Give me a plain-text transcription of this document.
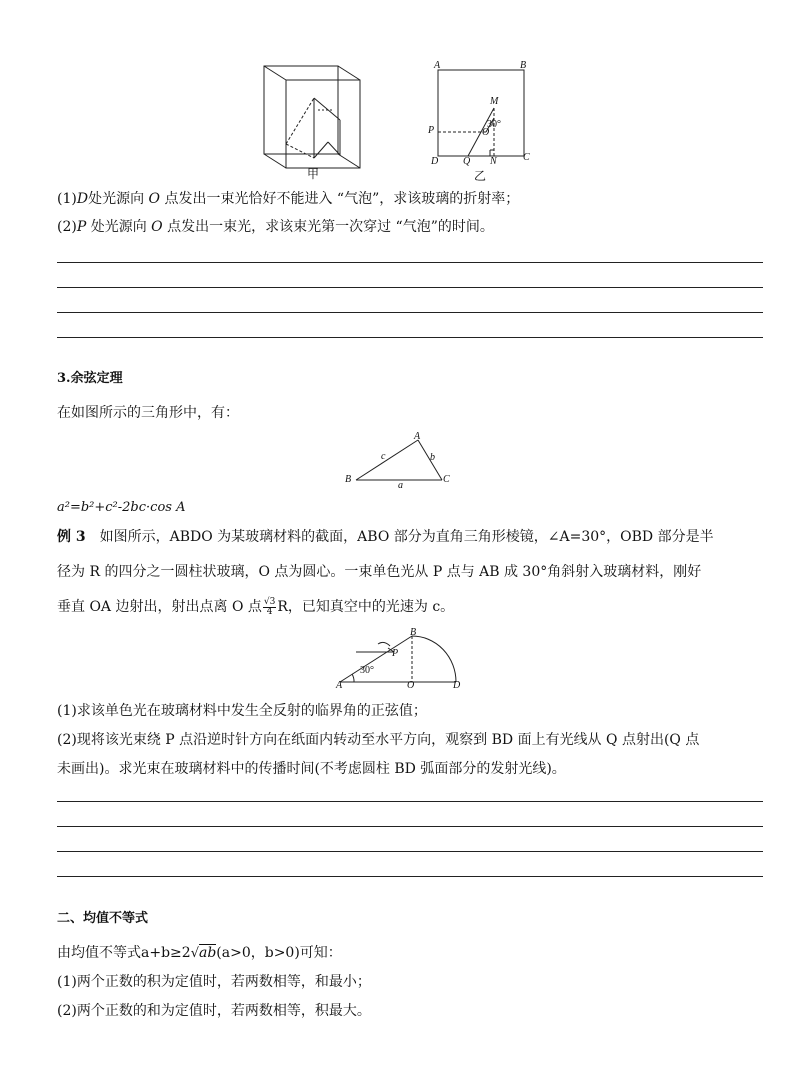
甲
A	B
M
30°
P	O
D Q N	C
乙
(1)D处光源向 O 点发出一束光恰好不能进入 “气泡”，求该玻璃的折射率；
(2)P 处光源向 O 点发出一束光，求该束光第一次穿过 “气泡”的时间。
3.余弦定理
在如图所示的三角形中，有：
A
c	b
B	C
a
a²=b²+c²-2bc·cos A
例 3　如图所示，ABDO 为某玻璃材料的截面，ABO 部分为直角三角形棱镜，∠A=30°，OBD 部分是半
径为 R 的四分之一圆柱状玻璃，O 点为圆心。一束单色光从 P 点与 AB 成 30°角斜射入玻璃材料，刚好
垂直 OA 边射出，射出点离 O 点 $\frac{√3}{4}$ R，已知真空中的光速为 c。
B
P
30°
A	O	D
(1)求该单色光在玻璃材料中发生全反射的临界角的正弦值；
(2)现将该光束绕 P 点沿逆时针方向在纸面内转动至水平方向，观察到 BD 面上有光线从 Q 点射出(Q 点
未画出)。求光束在玻璃材料中的传播时间(不考虑圆柱 BD 弧面部分的发射光线)。
二、均值不等式
由均值不等式a+b≥2√ab(a>0，b>0)可知：
(1)两个正数的积为定值时，若两数相等，和最小；
(2)两个正数的和为定值时，若两数相等，积最大。
